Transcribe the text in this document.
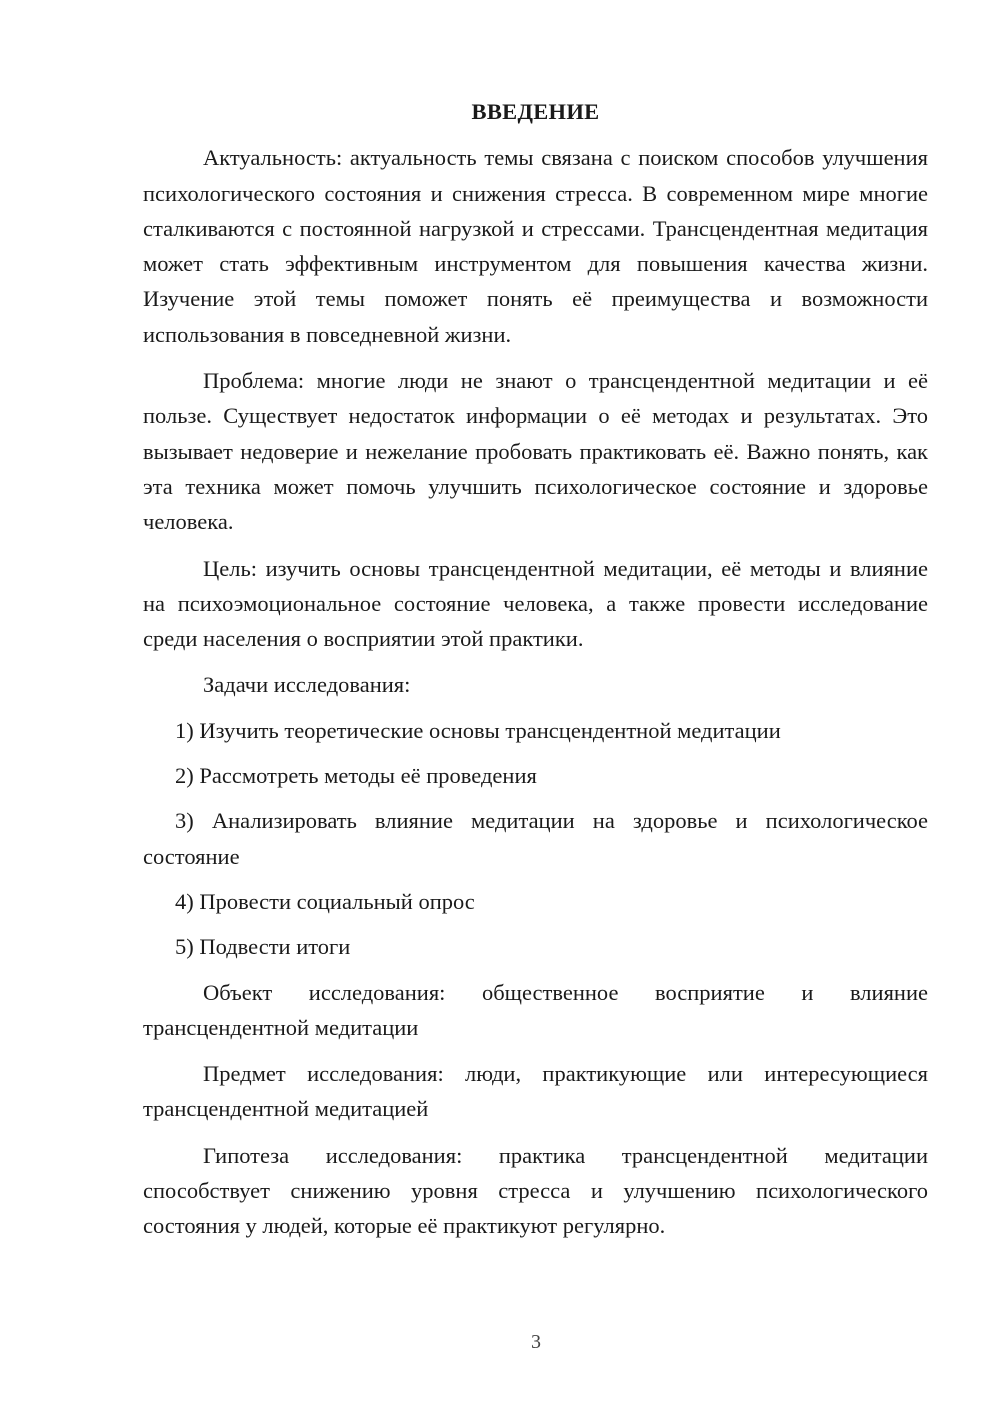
ВВЕДЕНИЕ

Актуальность: актуальность темы связана с поиском способов улучшения психологического состояния и снижения стресса. В современном мире многие сталкиваются с постоянной нагрузкой и стрессами. Трансцендентная медитация может стать эффективным инструментом для повышения качества жизни. Изучение этой темы поможет понять её преимущества и возможности использования в повседневной жизни.

Проблема: многие люди не знают о трансцендентной медитации и её пользе. Существует недостаток информации о её методах и результатах. Это вызывает недоверие и нежелание пробовать практиковать её. Важно понять, как эта техника может помочь улучшить психологическое состояние и здоровье человека.

Цель: изучить основы трансцендентной медитации, её методы и влияние на психоэмоциональное состояние человека, а также провести исследование среди населения о восприятии этой практики.

Задачи исследования:

1) Изучить теоретические основы трансцендентной медитации

2) Рассмотреть методы её проведения

3) Анализировать влияние медитации на здоровье и психологическое состояние

4) Провести социальный опрос

5) Подвести итоги

Объект исследования: общественное восприятие и влияние трансцендентной медитации

Предмет исследования: люди, практикующие или интересующиеся трансцендентной медитацией

Гипотеза исследования: практика трансцендентной медитации способствует снижению уровня стресса и улучшению психологического состояния у людей, которые её практикуют регулярно.

3
